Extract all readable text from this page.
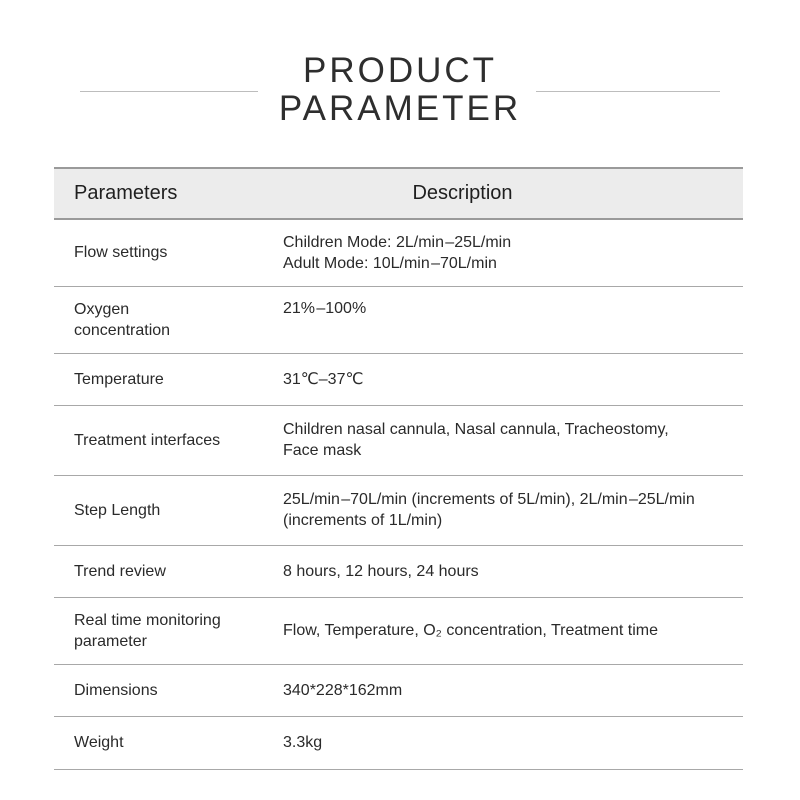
PRODUCT
PARAMETER
Parameters	Description

Flow settings	Children Mode: 2L/min –25L/min
Adult Mode: 10L/min –70L/min

Oxygen
concentration	21% –100%

Temperature	31℃–37℃

Treatment interfaces	Children nasal cannula, Nasal cannula, Tracheostomy,
Face mask

Step Length	25L/min –70L/min (increments of 5L/min), 2L/min –25L/min
(increments of 1L/min)

Trend review	8 hours, 12 hours, 24 hours

Real time monitoring
parameter	Flow, Temperature, O₂ concentration, Treatment time

Dimensions	340*228*162mm

Weight	3.3kg
